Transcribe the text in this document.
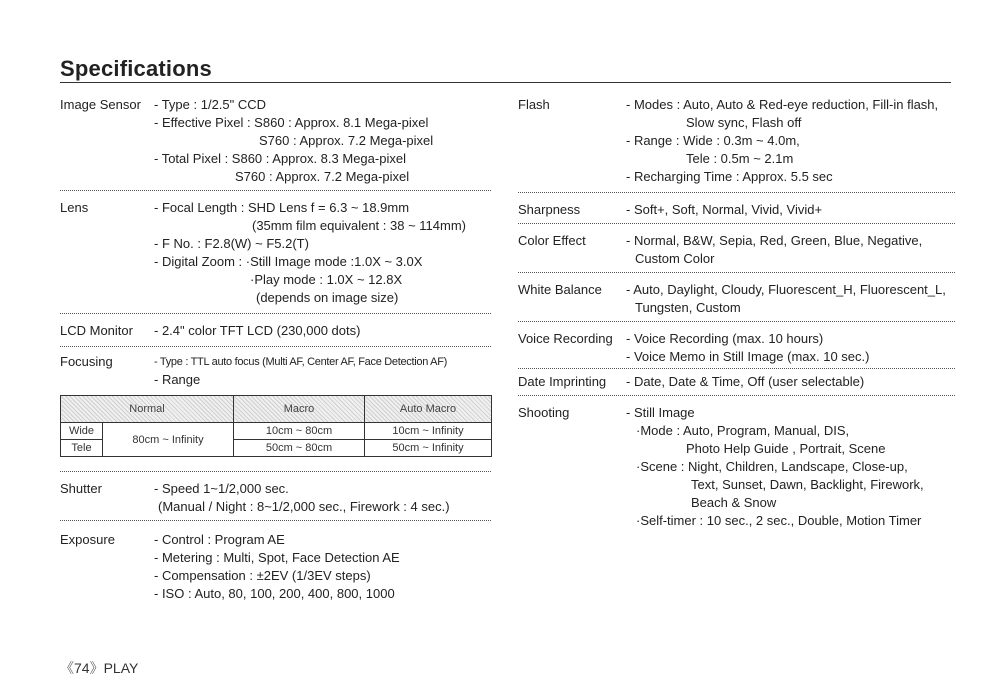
Specifications
Image Sensor - Type : 1/2.5" CCD
- Effective Pixel : S860 : Approx. 8.1 Mega-pixel
S760 : Approx. 7.2 Mega-pixel
- Total Pixel : S860 : Approx. 8.3 Mega-pixel
S760 : Approx. 7.2 Mega-pixel
Lens	- Focal Length : SHD Lens f = 6.3 ~ 18.9mm
(35mm film equivalent : 38 ~ 114mm)
- F No. : F2.8(W) ~ F5.2(T)
- Digital Zoom : ·Still Image mode :1.0X ~ 3.0X
·Play mode : 1.0X ~ 12.8X
(depends on image size)
LCD Monitor - 2.4" color TFT LCD (230,000 dots)
Focusing	- Type : TTL auto focus (Multi AF, Center AF, Face Detection AF)
- Range
Normal		Macro	Auto Macro
Wide	80cm ~ Infinity	10cm ~ 80cm	10cm ~ Infinity
Tele		50cm ~ 80cm	50cm ~ Infinity
Shutter	- Speed 1~1/2,000 sec.
(Manual / Night : 8~1/2,000 sec., Firework : 4 sec.)
Exposure	- Control : Program AE
- Metering : Multi, Spot, Face Detection AE
- Compensation : ±2EV (1/3EV steps)
- ISO : Auto, 80, 100, 200, 400, 800, 1000
Flash	- Modes : Auto, Auto & Red-eye reduction, Fill-in flash,
Slow sync, Flash off
- Range : Wide : 0.3m ~ 4.0m,
Tele : 0.5m ~ 2.1m
- Recharging Time : Approx. 5.5 sec
Sharpness	- Soft+, Soft, Normal, Vivid, Vivid+
Color Effect	- Normal, B&W, Sepia, Red, Green, Blue, Negative,
Custom Color
White Balance - Auto, Daylight, Cloudy, Fluorescent_H, Fluorescent_L,
Tungsten, Custom
Voice Recording - Voice Recording (max. 10 hours)
- Voice Memo in Still Image (max. 10 sec.)
Date Imprinting - Date, Date & Time, Off (user selectable)
Shooting	- Still Image
·Mode : Auto, Program, Manual, DIS,
Photo Help Guide , Portrait, Scene
·Scene : Night, Children, Landscape, Close-up,
Text, Sunset, Dawn, Backlight, Firework,
Beach & Snow
·Self-timer : 10 sec., 2 sec., Double, Motion Timer
《74》PLAY
